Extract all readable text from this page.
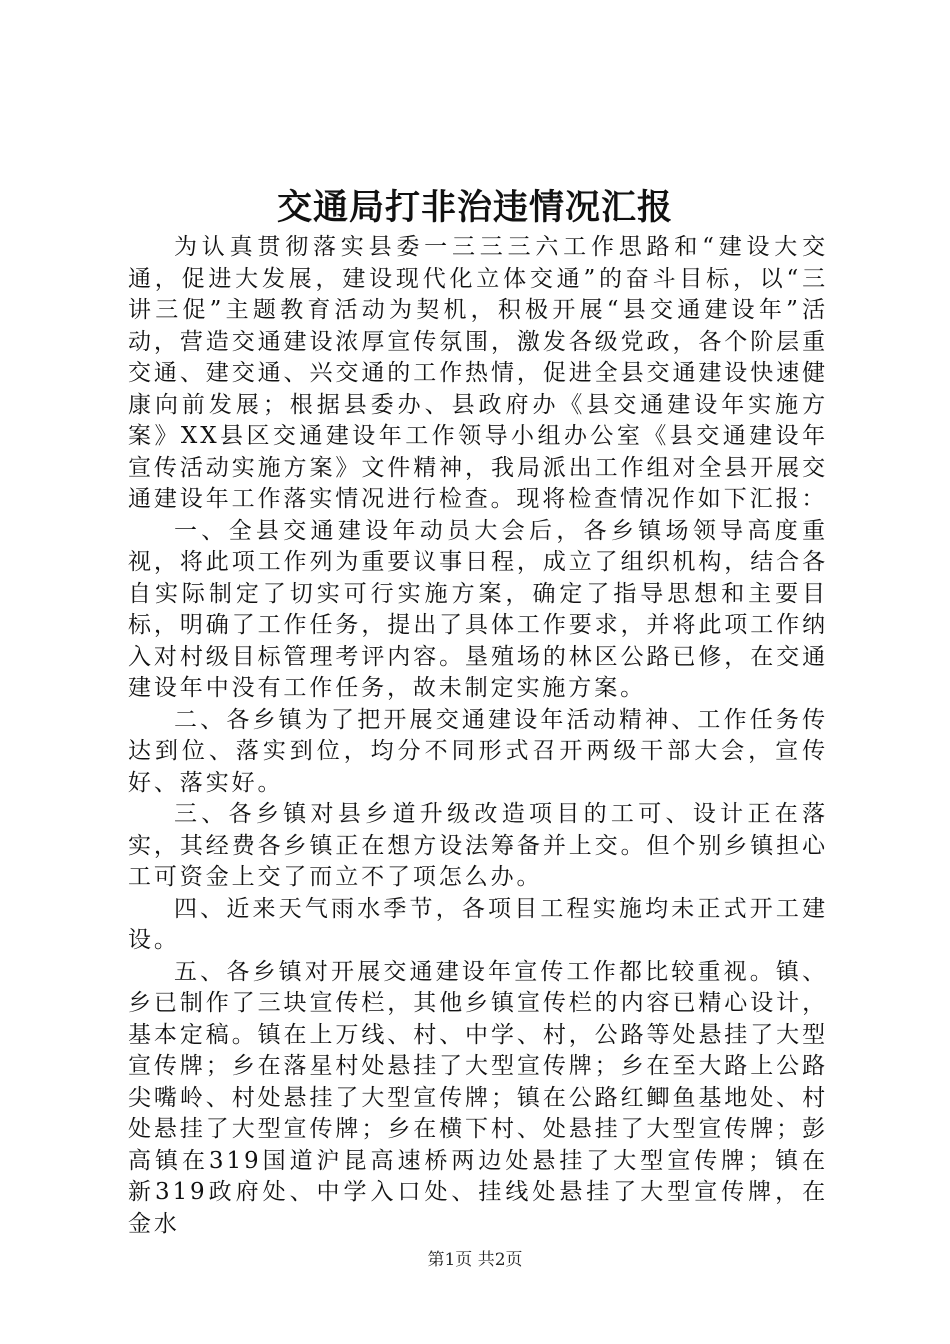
交通局打非治违情况汇报

为认真贯彻落实县委一三三三六工作思路和“建设大交通，促进大发展，建设现代化立体交通”的奋斗目标，以“三讲三促”主题教育活动为契机，积极开展“县交通建设年”活动，营造交通建设浓厚宣传氛围，激发各级党政，各个阶层重交通、建交通、兴交通的工作热情，促进全县交通建设快速健康向前发展；根据县委办、县政府办《县交通建设年实施方案》XX县区交通建设年工作领导小组办公室《县交通建设年宣传活动实施方案》文件精神，我局派出工作组对全县开展交通建设年工作落实情况进行检查。现将检查情况作如下汇报：

一、全县交通建设年动员大会后，各乡镇场领导高度重视，将此项工作列为重要议事日程，成立了组织机构，结合各自实际制定了切实可行实施方案，确定了指导思想和主要目标，明确了工作任务，提出了具体工作要求，并将此项工作纳入对村级目标管理考评内容。垦殖场的林区公路已修，在交通建设年中没有工作任务，故未制定实施方案。

二、各乡镇为了把开展交通建设年活动精神、工作任务传达到位、落实到位，均分不同形式召开两级干部大会，宣传好、落实好。

三、各乡镇对县乡道升级改造项目的工可、设计正在落实，其经费各乡镇正在想方设法筹备并上交。但个别乡镇担心工可资金上交了而立不了项怎么办。

四、近来天气雨水季节，各项目工程实施均未正式开工建设。

五、各乡镇对开展交通建设年宣传工作都比较重视。镇、乡已制作了三块宣传栏，其他乡镇宣传栏的内容已精心设计，基本定稿。镇在上万线、村、中学、村，公路等处悬挂了大型宣传牌；乡在落星村处悬挂了大型宣传牌；乡在至大路上公路尖嘴岭、村处悬挂了大型宣传牌；镇在公路红鲫鱼基地处、村处悬挂了大型宣传牌；乡在横下村、处悬挂了大型宣传牌；彭高镇在319国道沪昆高速桥两边处悬挂了大型宣传牌；镇在新319政府处、中学入口处、挂线处悬挂了大型宣传牌，在金水

第1页 共2页
